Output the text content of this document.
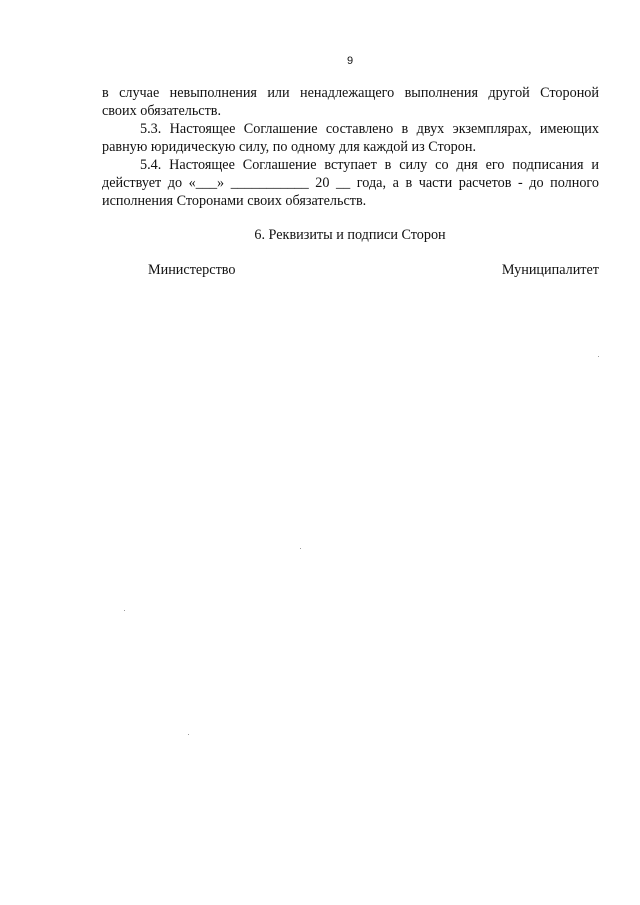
9
в случае невыполнения или ненадлежащего выполнения другой Стороной
своих обязательств.
5.3. Настоящее Соглашение составлено в двух экземплярах, имеющих
равную юридическую силу, по одному для каждой из Сторон.
5.4. Настоящее Соглашение вступает в силу со дня его подписания и
действует до «___» ___________ 20 __ года, а в части расчетов - до полного
исполнения Сторонами своих обязательств.
6. Реквизиты и подписи Сторон
Министерство	Муниципалитет
